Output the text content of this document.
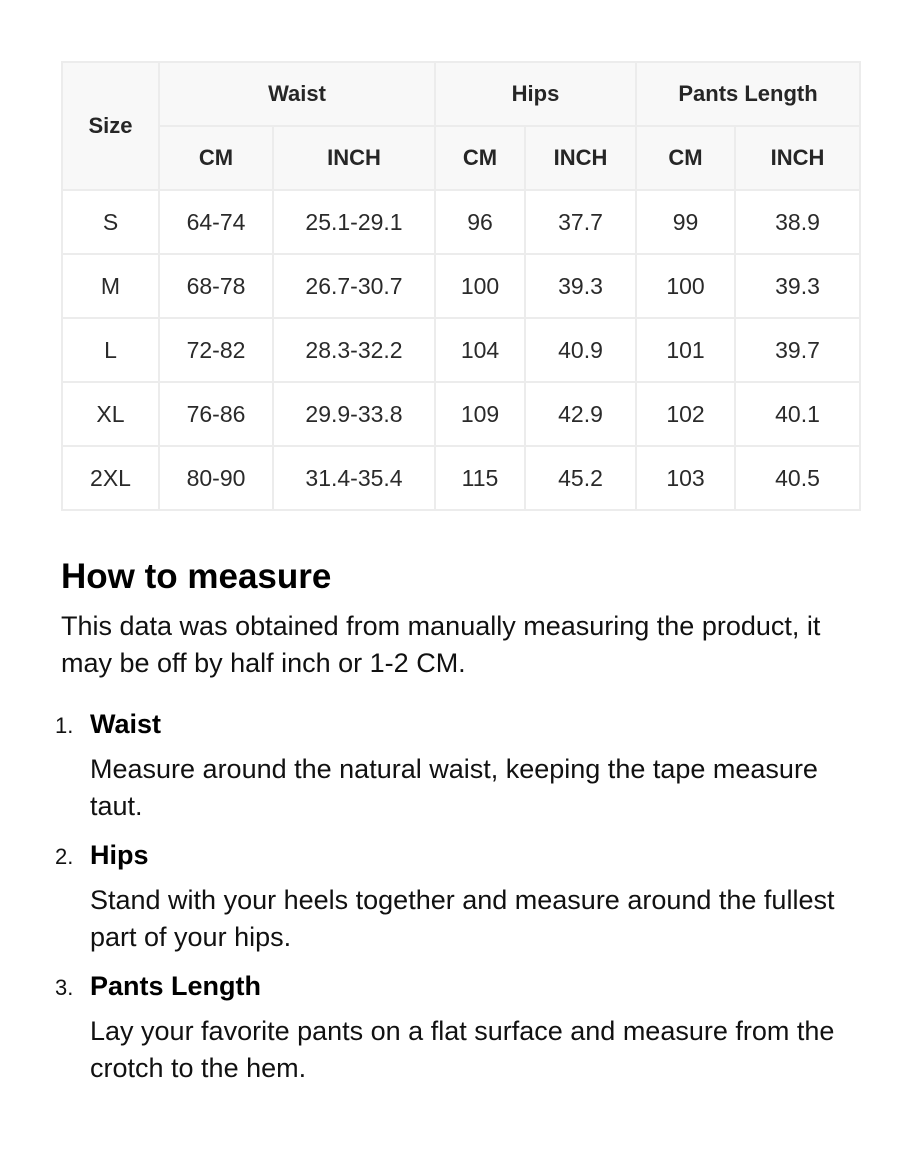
Size	Waist		Hips		Pants Length	
	CM	INCH	CM	INCH	CM	INCH
S	64-74	25.1-29.1	96	37.7	99	38.9
M	68-78	26.7-30.7	100	39.3	100	39.3
L	72-82	28.3-32.2	104	40.9	101	39.7
XL	76-86	29.9-33.8	109	42.9	102	40.1
2XL	80-90	31.4-35.4	115	45.2	103	40.5
How to measure

This data was obtained from manually measuring the product, it may be off by half inch or 1-2 CM.

1. Waist
Measure around the natural waist, keeping the tape measure taut.
2. Hips
Stand with your heels together and measure around the fullest part of your hips.
3. Pants Length
Lay your favorite pants on a flat surface and measure from the crotch to the hem.
